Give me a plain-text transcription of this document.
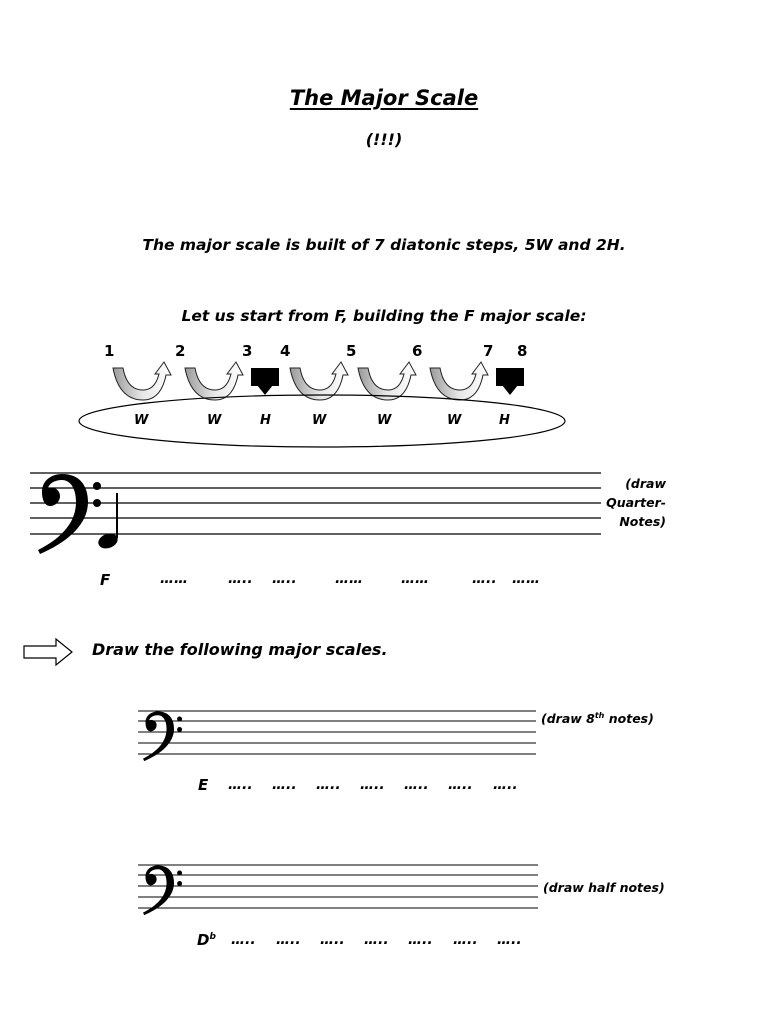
The Major Scale
(!!!)
The major scale is built of 7 diatonic steps, 5W and 2H.
Let us start from F, building the F major scale:
1	2	3 4	5	6	7 8
W	W	H	W	W	W	H
(draw
Quarter-
Notes)
F	……	….. …..	……	……	….. ……
Draw the following major scales.
(draw 8th notes)
E ….. ….. ….. ….. ….. ….. …..
(draw half notes)
$D^b$ ….. ….. ….. ….. ….. ….. …..
